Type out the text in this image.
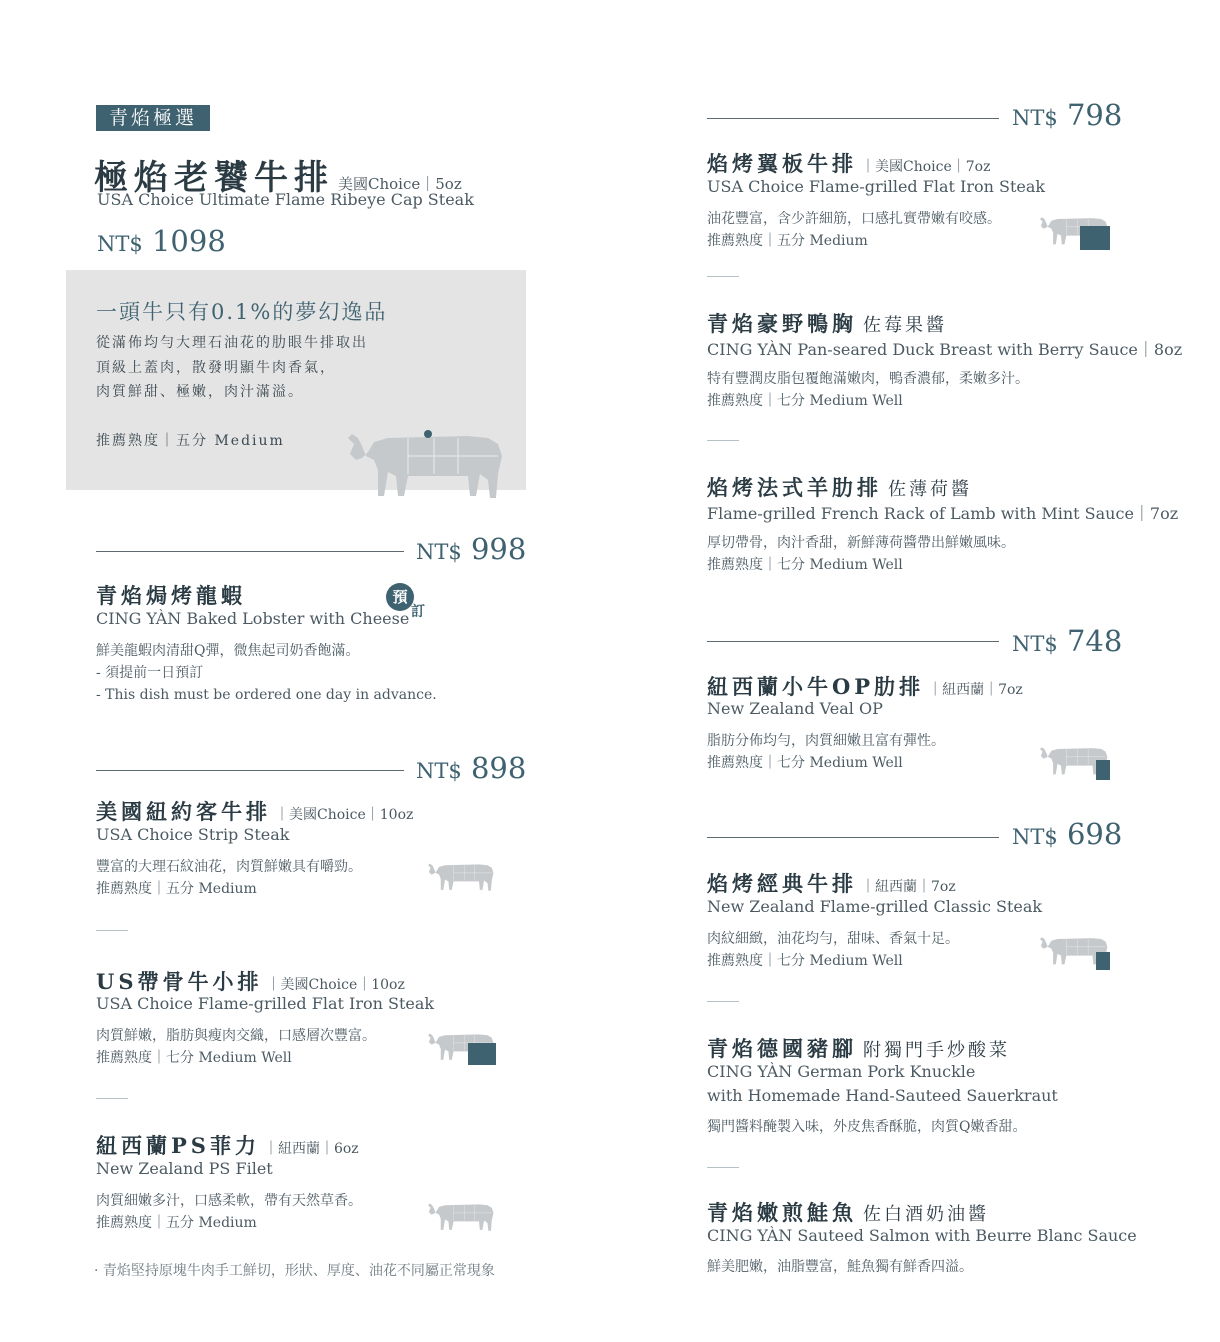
青焰極選
極焰老饕牛排 美國Choice｜5oz
USA Choice Ultimate Flame Ribeye Cap Steak
NT$ 1098
一頭牛只有0.1%的夢幻逸品
從滿佈均勻大理石油花的肋眼牛排取出
頂級上蓋肉，散發明顯牛肉香氣，
肉質鮮甜、極嫩，肉汁滿溢。
推薦熟度｜五分 Medium
NT$ 998
青焰焗烤龍蝦	預
訂
CING YÀN Baked Lobster with Cheese
鮮美龍蝦肉清甜Q彈，微焦起司奶香飽滿。
- 須提前一日預訂
- This dish must be ordered one day in advance.
NT$ 898
美國紐約客牛排 ｜美國Choice｜10oz
USA Choice Strip Steak
豐富的大理石紋油花，肉質鮮嫩具有嚼勁。
推薦熟度｜五分 Medium
US帶骨牛小排 ｜美國Choice｜10oz
USA Choice Flame-grilled Flat Iron Steak
肉質鮮嫩，脂肪與瘦肉交織，口感層次豐富。
推薦熟度｜七分 Medium Well
紐西蘭PS菲力 ｜紐西蘭｜6oz
New Zealand PS Filet
肉質細嫩多汁，口感柔軟，帶有天然草香。
推薦熟度｜五分 Medium
· 青焰堅持原塊牛肉手工鮮切，形狀、厚度、油花不同屬正常現象
NT$ 798
焰烤翼板牛排 ｜美國Choice｜7oz
USA Choice Flame-grilled Flat Iron Steak
油花豐富，含少許細筋，口感扎實帶嫩有咬感。
推薦熟度｜五分 Medium
青焰豪野鴨胸 佐莓果醬
CING YÀN Pan-seared Duck Breast with Berry Sauce｜8oz
特有豐潤皮脂包覆飽滿嫩肉，鴨香濃郁，柔嫩多汁。
推薦熟度｜七分 Medium Well
焰烤法式羊肋排 佐薄荷醬
Flame-grilled French Rack of Lamb with Mint Sauce｜7oz
厚切帶骨，肉汁香甜，新鮮薄荷醬帶出鮮嫩風味。
推薦熟度｜七分 Medium Well
NT$ 748
紐西蘭小牛OP肋排 ｜紐西蘭｜7oz
New Zealand Veal OP
脂肪分佈均勻，肉質細嫩且富有彈性。
推薦熟度｜七分 Medium Well
NT$ 698
焰烤經典牛排 ｜紐西蘭｜7oz
New Zealand Flame-grilled Classic Steak
肉紋細緻，油花均勻，甜味、香氣十足。
推薦熟度｜七分 Medium Well
青焰德國豬腳 附獨門手炒酸菜
CING YÀN German Pork Knuckle
with Homemade Hand-Sauteed Sauerkraut
獨門醬料醃製入味，外皮焦香酥脆，肉質Q嫩香甜。
青焰嫩煎鮭魚 佐白酒奶油醬
CING YÀN Sauteed Salmon with Beurre Blanc Sauce
鮮美肥嫩，油脂豐富，鮭魚獨有鮮香四溢。
